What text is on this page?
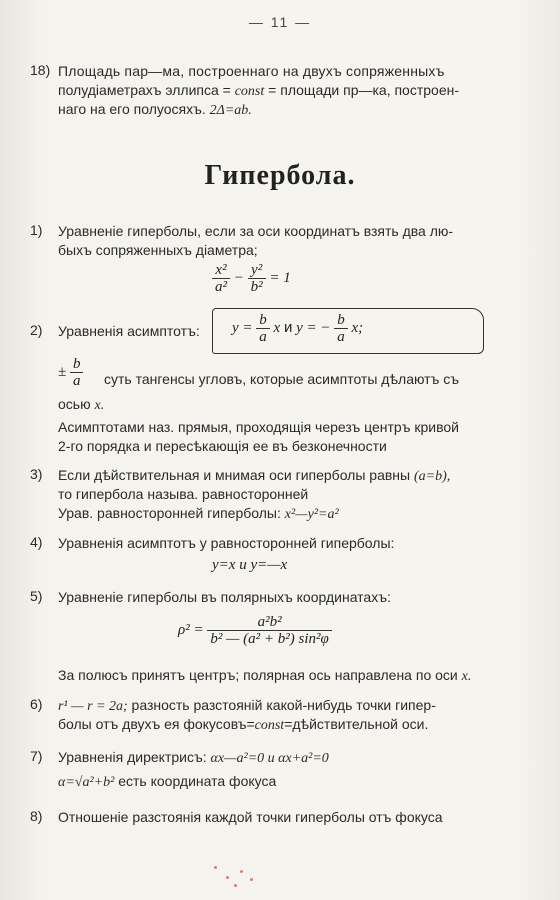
— 11 —
18) Площадь пар—ма, построеннаго на двухъ сопряженныхъ
полудіаметрахъ эллипса = const = площади пр—ка, построен-
наго на его полуосяхъ. 2Δ=ab.
Гипербола.
1) Уравненіе гиперболы, если за оси координатъ взять два лю-
быхъ сопряженныхъ діаметра;
$\frac{\text{x²}}{\text{a²}} - \frac{\text{y²}}{\text{b²}} = 1$
2) Уравненія асимптотъ: $y = \frac{b}{a}$ x и y = − $\frac{b}{a} x$;
± $\frac{b}{a}$ суть тангенсы угловъ, которые асимптоты дѣлаютъ съ
осью x.
Асимптотами наз. прямыя, проходящія черезъ центръ кривой
2-го порядка и пересѣкающія ее въ безконечности
3) Если дѣйствительная и мнимая оси гиперболы равны (a=b),
то гипербола называ. равносторонней
Урав. равносторонней гиперболы: x²—y²=a²
4) Уравненія асимптотъ у равносторонней гиперболы:
y=x и y=—x
5) Уравненіе гиперболы въ полярныхъ координатахъ:
$\rho^2 = \frac{\text{a²b²}}{\text{b² — (a² + b²) sin²φ}}$
За полюсъ принятъ центръ; полярная ось направлена по оси x.
6) r¹ — r = 2a; разность разстояній какой-нибудь точки гипер-
болы отъ двухъ ея фокусовъ=const=дѣйствительной оси.
7) Уравненія директрисъ: αx—a²=0 и αx+a²=0
α=√a²+b² есть координата фокуса
8) Отношеніе разстоянія каждой точки гиперболы отъ фокуса
